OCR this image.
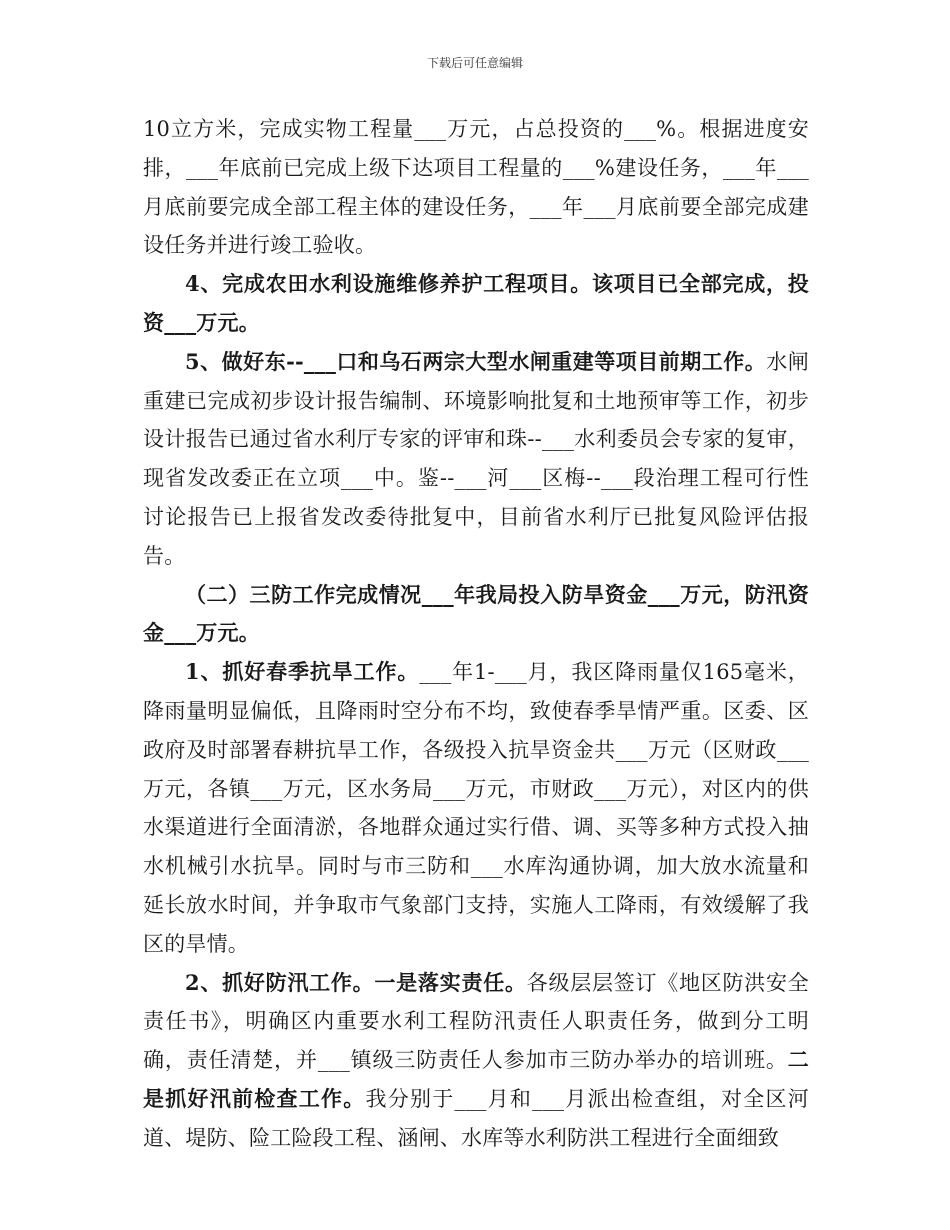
下载后可任意编辑

10立方米，完成实物工程量___万元，占总投资的___%。根据进度安排，___年底前已完成上级下达项目工程量的___%建设任务，___年___月底前要完成全部工程主体的建设任务，___年___月底前要全部完成建设任务并进行竣工验收。

4、完成农田水利设施维修养护工程项目。该项目已全部完成，投资___万元。

5、做好东--___口和乌石两宗大型水闸重建等项目前期工作。水闸重建已完成初步设计报告编制、环境影响批复和土地预审等工作，初步设计报告已通过省水利厅专家的评审和珠--___水利委员会专家的复审，现省发改委正在立项___中。鉴--___河___区梅--___段治理工程可行性讨论报告已上报省发改委待批复中，目前省水利厅已批复风险评估报告。

（二）三防工作完成情况___年我局投入防旱资金___万元，防汛资金___万元。

1、抓好春季抗旱工作。___年1-___月，我区降雨量仅165毫米，降雨量明显偏低，且降雨时空分布不均，致使春季旱情严重。区委、区政府及时部署春耕抗旱工作，各级投入抗旱资金共___万元（区财政___万元，各镇___万元，区水务局___万元，市财政___万元），对区内的供水渠道进行全面清淤，各地群众通过实行借、调、买等多种方式投入抽水机械引水抗旱。同时与市三防和___水库沟通协调，加大放水流量和延长放水时间，并争取市气象部门支持，实施人工降雨，有效缓解了我区的旱情。

2、抓好防汛工作。一是落实责任。各级层层签订《地区防洪安全责任书》，明确区内重要水利工程防汛责任人职责任务，做到分工明确，责任清楚，并___镇级三防责任人参加市三防办举办的培训班。二是抓好汛前检查工作。我分别于___月和___月派出检查组，对全区河道、堤防、险工险段工程、涵闸、水库等水利防洪工程进行全面细致
